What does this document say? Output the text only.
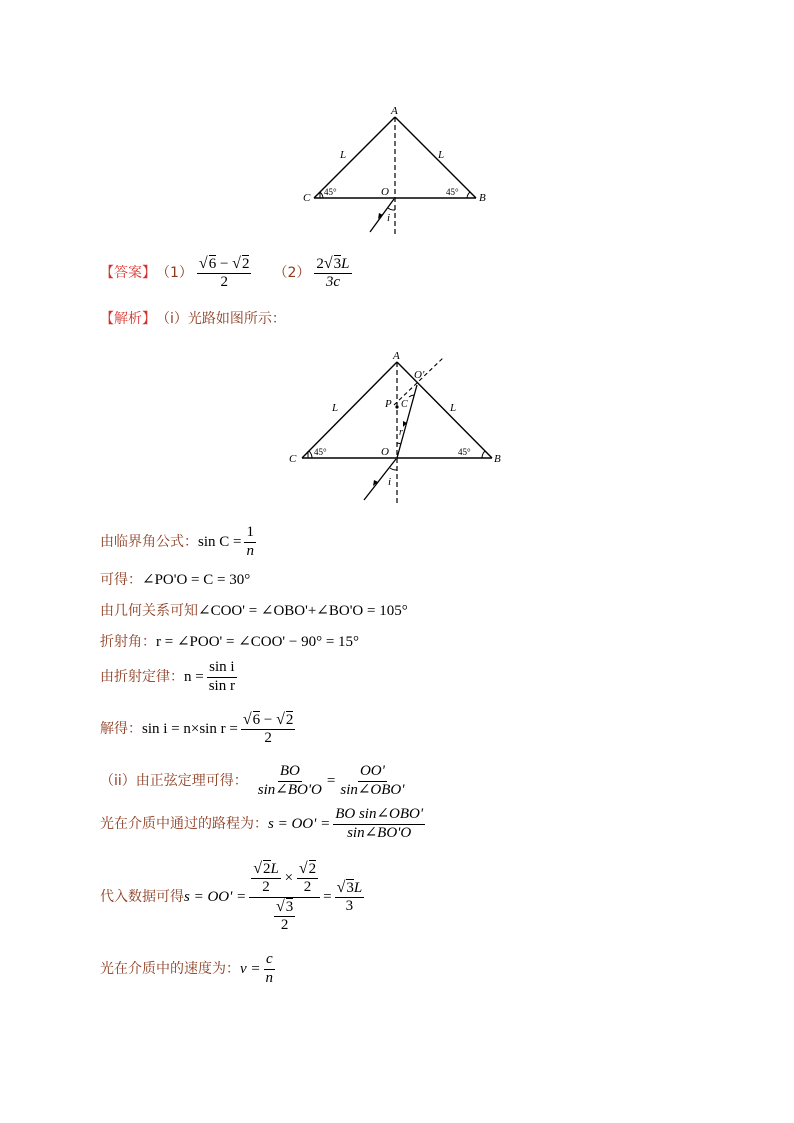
A
L	L
C 45°	O	45° B
i
【答案】 $(1) \frac{√6 - √2}{2} (2) \frac{2√3L}{3c}$
【解析】 （i）光路如图所示：
A
O'
P C
L	L
r
C
45°	O	45°
B
i
由临界角公式： $\sin C = \frac{1}{n}$
可得： ∠PO'O = C = 30°
由几何关系可知 ∠COO' = ∠OBO'+∠BO'O = 105°
折射角： r = ∠POO' = ∠COO' − 90° = 15°
由折射定律： $n = \frac{\text{sin i}}{\text{sin r}}$
解得： sin i = n×sin $r = \frac{√6 - √2}{2}$
（ii）由正弦定理可得： $\frac{BO}{\sin\angle BO'O} = \frac{OO'}{\text{sin∠OBO'}}$
光在介质中通过的路程为： $s = OO' = \frac{\text{BO sin∠OBO'}}{\sin\angle BO'O}$
代入数据可得 $s = OO' = \frac{\frac{√2L}{2} \times \frac{√2}{2}}{\frac{√3}{2}} = \frac{√3L}{3}$
光在介质中的速度为： $v = \frac{c}{n}$
